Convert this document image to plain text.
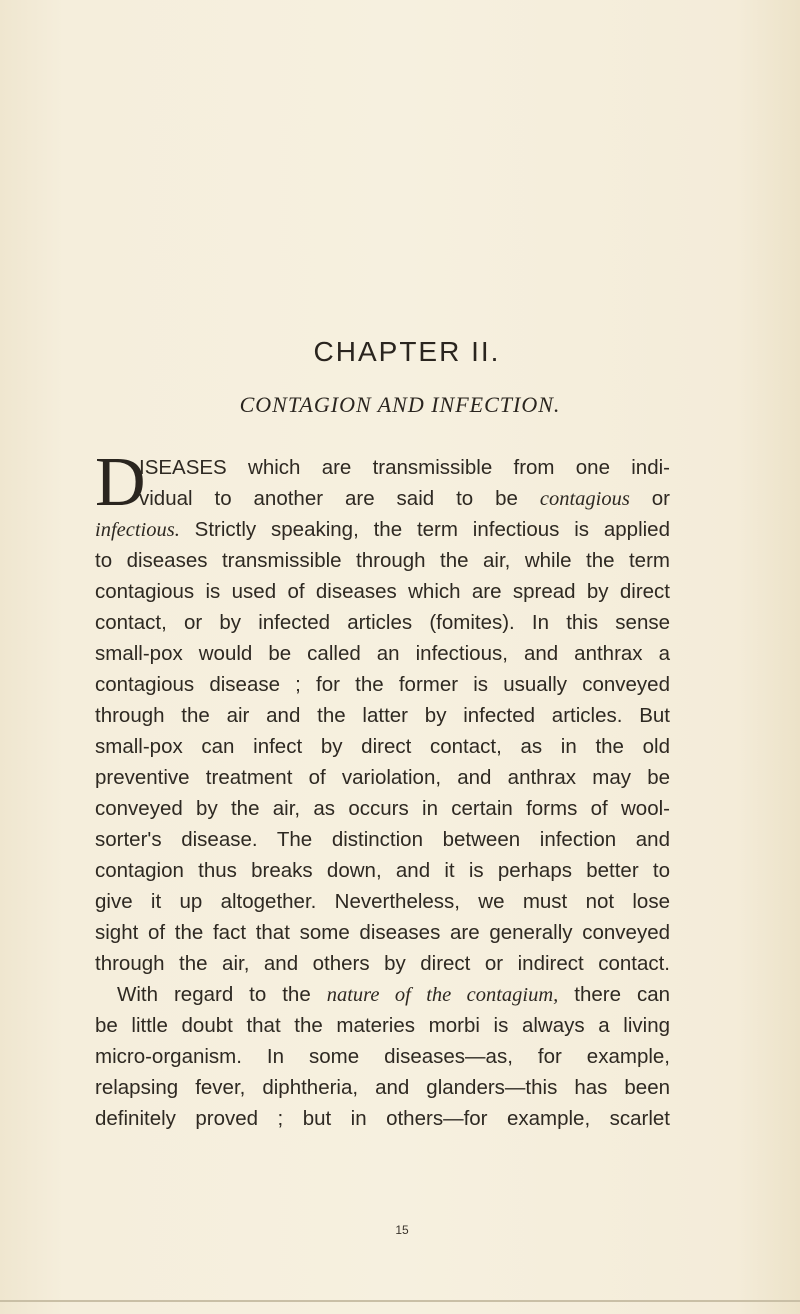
CHAPTER II.
CONTAGION AND INFECTION.
D
ISEASES which are transmissible from one indi-
vidual to another are said to be contagious or
infectious. Strictly speaking, the term infectious is applied
to diseases transmissible through the air, while the term
contagious is used of diseases which are spread by direct
contact, or by infected articles (fomites). In this sense
small-pox would be called an infectious, and anthrax a
contagious disease ; for the former is usually conveyed
through the air and the latter by infected articles. But
small-pox can infect by direct contact, as in the old
preventive treatment of variolation, and anthrax may be
conveyed by the air, as occurs in certain forms of wool-
sorter's disease. The distinction between infection and
contagion thus breaks down, and it is perhaps better to
give it up altogether. Nevertheless, we must not lose
sight of the fact that some diseases are generally conveyed
through the air, and others by direct or indirect contact.
With regard to the nature of the contagium, there can
be little doubt that the materies morbi is always a living
micro-organism. In some diseases—as, for example,
relapsing fever, diphtheria, and glanders—this has been
definitely proved ; but in others—for example, scarlet
15
